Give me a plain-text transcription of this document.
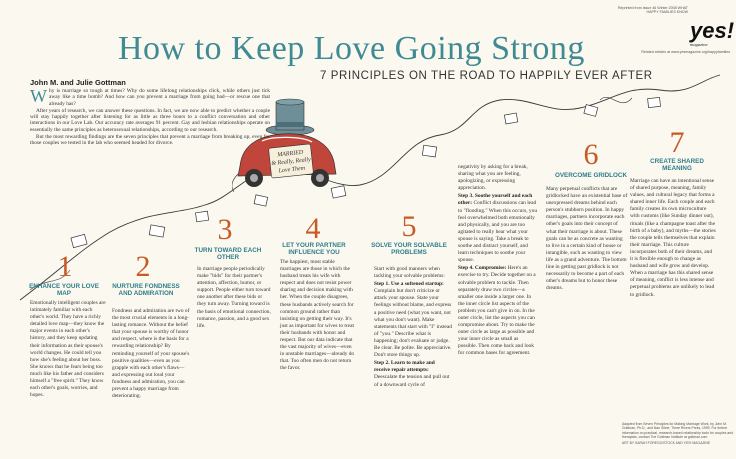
MARRIED
& Really, Really
Love Them
How to Keep Love Going Strong
7 PRINCIPLES ON THE ROAD TO HAPPILY EVER AFTER
John M. and Julie Gottman
Reprinted from Issue 46 Winter 2008 WHAT HAPPY FAMILIES KNOW
yes!
magazine
Related articles at www.yesmagazine.org/happyfamilies

Why is marriage so tough at times? Why do some lifelong relationships click, while others just tick away like a time bomb? And how can you prevent a marriage from going bad—or rescue one that already has?

After years of research, we can answer these questions. In fact, we are now able to predict whether a couple will stay happily together after listening for as little as three hours to a conflict conversation and other interactions in our Love Lab. Our accuracy rate averages 91 percent. Gay and lesbian relationships operate on essentially the same principles as heterosexual relationships, according to our research.

But the most rewarding findings are the seven principles that prevent a marriage from breaking up, even for those couples we tested in the lab who seemed headed for divorce.

1
ENHANCE YOUR LOVE MAP
Emotionally intelligent couples are intimately familiar with each other's world. They have a richly detailed love map—they know the major events in each other's history, and they keep updating their information as their spouse's world changes. He could tell you how she's feeling about her boss. She knows that he fears being too much like his father and considers himself a "free spirit." They know each other's goals, worries, and hopes.
2
NURTURE FONDNESS AND ADMIRATION
Fondness and admiration are two of the most crucial elements in a long-lasting romance. Without the belief that your spouse is worthy of honor and respect, where is the basis for a rewarding relationship? By reminding yourself of your spouse's positive qualities—even as you grapple with each other's flaws—and expressing out loud your fondness and admiration, you can prevent a happy marriage from deteriorating.
3
TURN TOWARD EACH OTHER
In marriage people periodically make "bids" for their partner's attention, affection, humor, or support. People either turn toward one another after these bids or they turn away. Turning toward is the basis of emotional connection, romance, passion, and a good sex life.
4
LET YOUR PARTNER INFLUENCE YOU
The happiest, most stable marriages are those in which the husband treats his wife with respect and does not resist power sharing and decision making with her. When the couple disagrees, these husbands actively search for common ground rather than insisting on getting their way. It's just as important for wives to treat their husbands with honor and respect. But our data indicate that the vast majority of wives—even in unstable marriages—already do that. Too often men do not return the favor.
5
SOLVE YOUR SOLVABLE PROBLEMS

Start with good manners when tackling your solvable problems:

Step 1. Use a softened startup: Complain but don't criticize or attack your spouse. State your feelings without blame, and express a positive need (what you want, not what you don't want). Make statements that start with "I" instead of "you." Describe what is happening; don't evaluate or judge. Be clear. Be polite. Be appreciative. Don't store things up.

Step 2. Learn to make and receive repair attempts: Deescalate the tension and pull out of a downward cycle of

negativity by asking for a break, sharing what you are feeling, apologizing, or expressing appreciation.

Step 3. Soothe yourself and each other: Conflict discussions can lead to "flooding." When this occurs, you feel overwhelmed both emotionally and physically, and you are too agitated to really hear what your spouse is saying. Take a break to soothe and distract yourself, and learn techniques to soothe your spouse.

Step 4. Compromise: Here's an exercise to try. Decide together on a solvable problem to tackle. Then separately draw two circles—a smaller one inside a larger one. In the inner circle list aspects of the problem you can't give in on. In the outer circle, list the aspects you can compromise about. Try to make the outer circle as large as possible and your inner circle as small as possible. Then come back and look for common bases for agreement.

6
OVERCOME GRIDLOCK
Many perpetual conflicts that are gridlocked have an existential base of unexpressed dreams behind each person's stubborn position. In happy marriages, partners incorporate each other's goals into their concept of what their marriage is about. These goals can be as concrete as wanting to live in a certain kind of house or intangible, such as wanting to view life as a grand adventure. The bottom line in getting past gridlock is not necessarily to become a part of each other's dreams but to honor these dreams.
7
CREATE SHARED MEANING
Marriage can have an intentional sense of shared purpose, meaning, family values, and cultural legacy that forms a shared inner life. Each couple and each family creates its own microculture with customs (like Sunday dinner out), rituals (like a champagne toast after the birth of a baby), and myths—the stories the couple tells themselves that explain their marriage. This culture incorporates both of their dreams, and it is flexible enough to change as husband and wife grow and develop. When a marriage has this shared sense of meaning, conflict is less intense and perpetual problems are unlikely to lead to gridlock.
Adapted from Seven Principles for Making Marriage Work, by John M. Gottman, Ph.D., and Nan Silver, Three Rivers Press, 1999. For further information on practical, research-based relationship tools for couples and therapists, contact The Gottman Institute at gottman.com
ART BY SARAH FOREGO/STOCK AND YES! MAGAZINE
